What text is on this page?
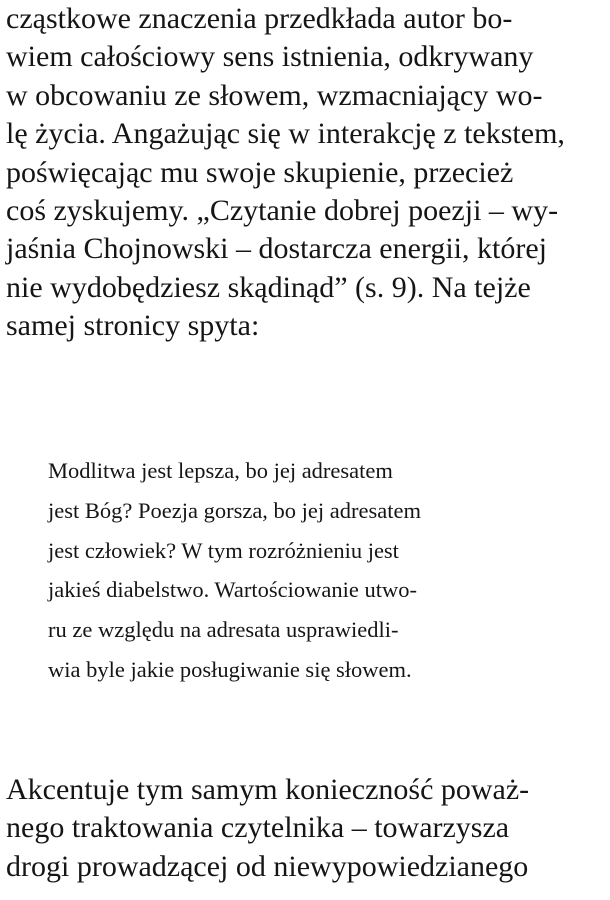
cząstkowe znaczenia przedkłada autor bo-
wiem całościowy sens istnienia, odkrywany
w obcowaniu ze słowem, wzmacniający wo-
lę życia. Angażując się w interakcję z tekstem,
poświęcając mu swoje skupienie, przecież
coś zyskujemy. „Czytanie dobrej poezji – wy-
jaśnia Chojnowski – dostarcza energii, której
nie wydobędziesz skądinąd” (s. 9). Na tejże
samej stronicy spyta:
Modlitwa jest lepsza, bo jej adresatem
jest Bóg? Poezja gorsza, bo jej adresatem
jest człowiek? W tym rozróżnieniu jest
jakieś diabelstwo. Wartościowanie utwo-
ru ze względu na adresata usprawiedli-
wia byle jakie posługiwanie się słowem.
Akcentuje tym samym konieczność poważ-
nego traktowania czytelnika – towarzysza
drogi prowadzącej od niewypowiedzianego
